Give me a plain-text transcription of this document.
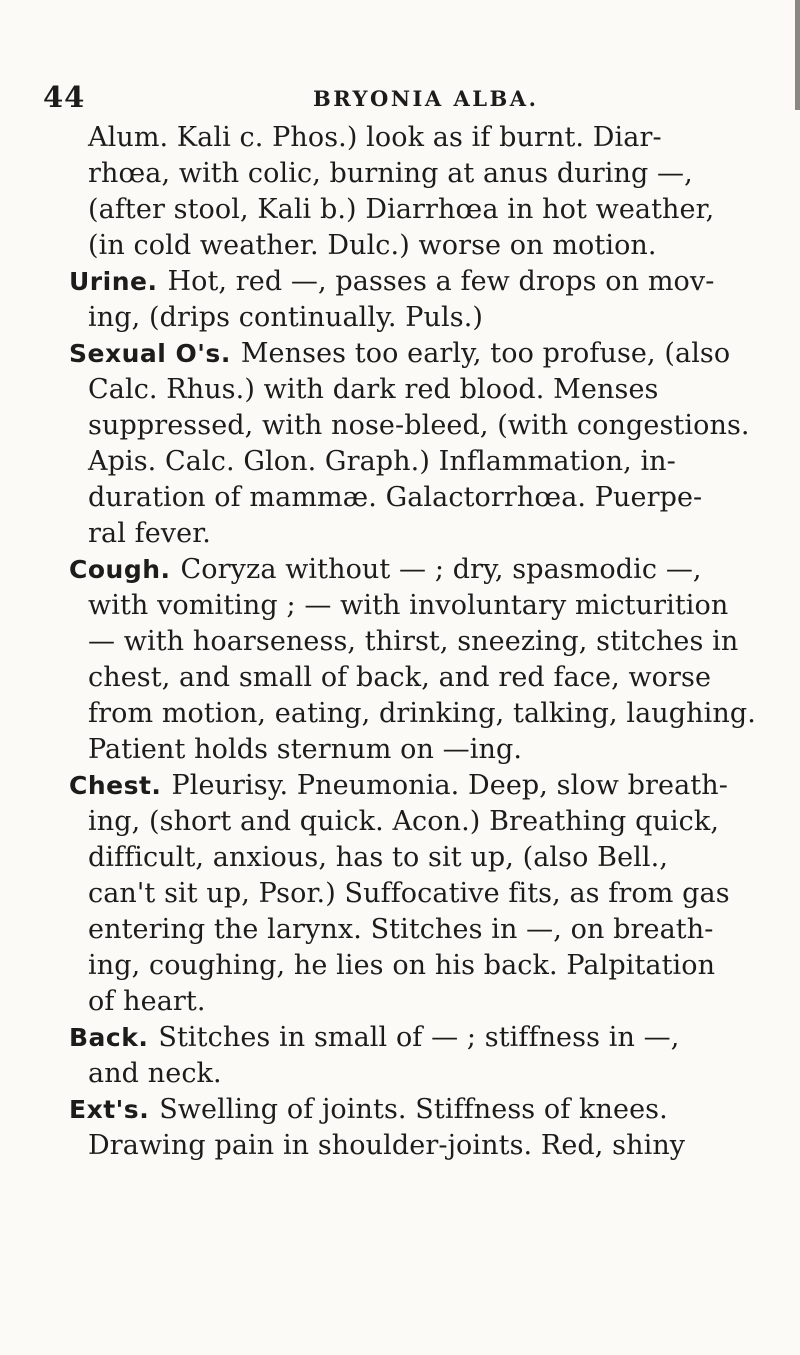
44	BRYONIA ALBA.
Alum. Kali c. Phos.) look as if burnt. Diar-
rhœa, with colic, burning at anus during —,
(after stool, Kali b.) Diarrhœa in hot weather,
(in cold weather. Dulc.) worse on motion.
Urine. Hot, red —, passes a few drops on mov-
ing, (drips continually. Puls.)
Sexual O's. Menses too early, too profuse, (also
Calc. Rhus.) with dark red blood. Menses
suppressed, with nose-bleed, (with congestions.
Apis. Calc. Glon. Graph.) Inflammation, in-
duration of mammæ. Galactorrhœa. Puerpe-
ral fever.
Cough. Coryza without — ; dry, spasmodic —,
with vomiting ; — with involuntary micturition
— with hoarseness, thirst, sneezing, stitches in
chest, and small of back, and red face, worse
from motion, eating, drinking, talking, laughing.
Patient holds sternum on —ing.
Chest. Pleurisy. Pneumonia. Deep, slow breath-
ing, (short and quick. Acon.) Breathing quick,
difficult, anxious, has to sit up, (also Bell.,
can't sit up, Psor.) Suffocative fits, as from gas
entering the larynx. Stitches in —, on breath-
ing, coughing, he lies on his back. Palpitation
of heart.
Back. Stitches in small of — ; stiffness in —,
and neck.
Ext's. Swelling of joints. Stiffness of knees.
Drawing pain in shoulder-joints. Red, shiny
